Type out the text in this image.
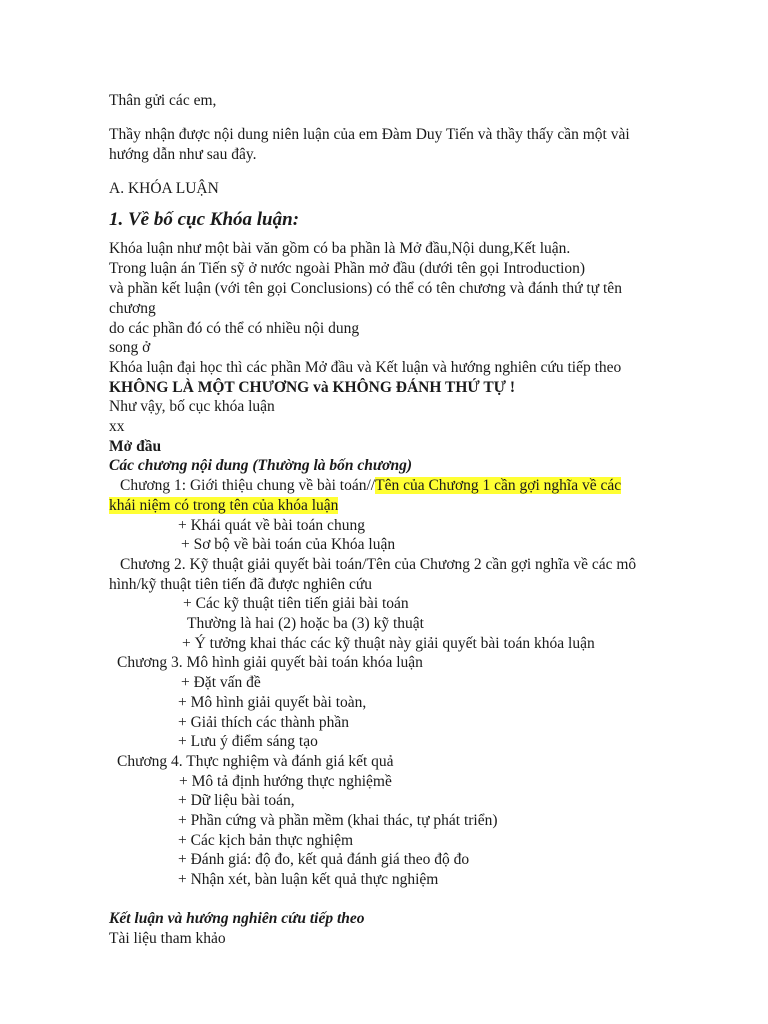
Thân gửi các em,
Thầy nhận được nội dung niên luận của em Đàm Duy Tiến và thầy thấy cần một vài
hướng dẫn như sau đây.
A. KHÓA LUẬN
1. Về bố cục Khóa luận:
Khóa luận như một bài văn gồm có ba phần là Mở đầu,Nội dung,Kết luận.
Trong luận án Tiến sỹ ở nước ngoài Phần mở đầu (dưới tên gọi Introduction)
và phần kết luận (với tên gọi Conclusions) có thể có tên chương và đánh thứ tự tên
chương
do các phần đó có thể có nhiều nội dung
song ở
Khóa luận đại học thì các phần Mở đầu và Kết luận và hướng nghiên cứu tiếp theo
KHÔNG LÀ MỘT CHƯƠNG và KHÔNG ĐÁNH THỨ TỰ !
Như vậy, bố cục khóa luận
xx
Mở đầu
Các chương nội dung (Thường là bốn chương)
Chương 1: Giới thiệu chung về bài toán//Tên của Chương 1 cần gợi nghĩa về các
khái niệm có trong tên của khóa luận
+ Khái quát về bài toán chung
+ Sơ bộ về bài toán của Khóa luận
Chương 2. Kỹ thuật giải quyết bài toán/Tên của Chương 2 cần gợi nghĩa về các mô
hình/kỹ thuật tiên tiến đã được nghiên cứu
+ Các kỹ thuật tiên tiến giải bài toán
Thường là hai (2) hoặc ba (3) kỹ thuật
+ Ý tưởng khai thác các kỹ thuật này giải quyết bài toán khóa luận
Chương 3. Mô hình giải quyết bài toán khóa luận
+ Đặt vấn đề
+ Mô hình giải quyết bài toàn,
+ Giải thích các thành phần
+ Lưu ý điểm sáng tạo
Chương 4. Thực nghiệm và đánh giá kết quả
+ Mô tả định hướng thực nghiệmề
+ Dữ liệu bài toán,
+ Phần cứng và phần mềm (khai thác, tự phát triển)
+ Các kịch bản thực nghiệm
+ Đánh giá: độ đo, kết quả đánh giá theo độ đo
+ Nhận xét, bàn luận kết quả thực nghiệm
Kết luận và hướng nghiên cứu tiếp theo
Tài liệu tham khảo
